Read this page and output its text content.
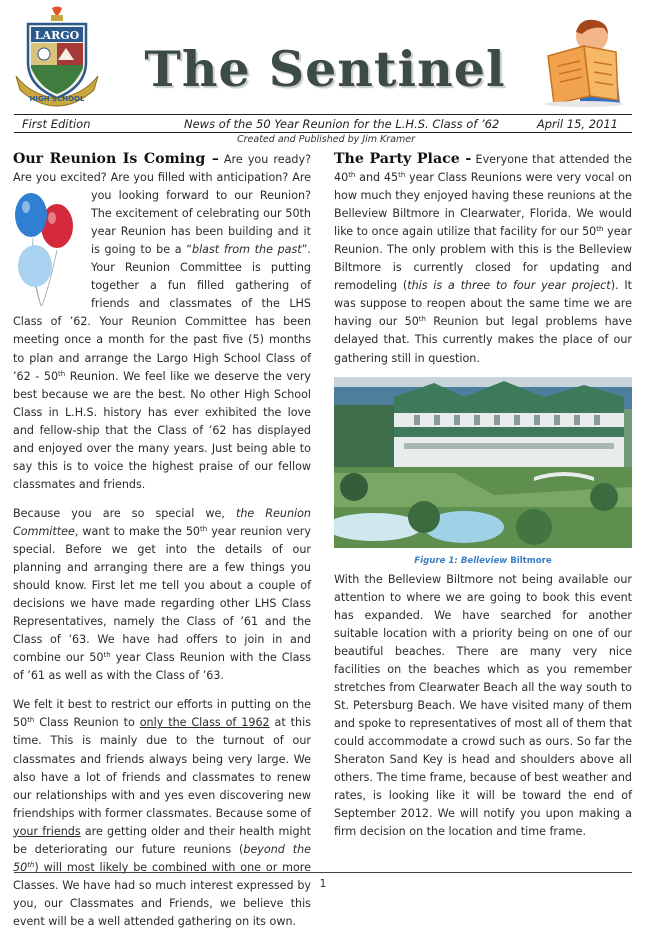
LARGO
HIGH SCHOOL
The Sentinel
First Edition	News of the 50 Year Reunion for the L.H.S. Class of ’62	April 15, 2011
Created and Published by Jim Kramer

Our Reunion Is Coming – Are you ready? Are you excited? Are you filled with anticipation? Are
you looking forward to our Reunion? The excitement of celebrating our 50th year Reunion has been building and it is going to be a “blast from the past”. Your Reunion Committee is putting together a fun filled gathering of friends and classmates of the LHS Class of ’62. Your Reunion Committee has been meeting once a month for the past five (5) months to plan and arrange the Largo High School Class of ’62 - 50th Reunion. We feel like we deserve the very best because we are the best. No other High School Class in L.H.S. history has ever exhibited the love and fellow-ship that the Class of ’62 has displayed and enjoyed over the many years. Just being able to say this is to voice the highest praise of our fellow classmates and friends.

Because you are so special we, the Reunion Committee, want to make the 50th year reunion very special. Before we get into the details of our planning and arranging there are a few things you should know. First let me tell you about a couple of decisions we have made regarding other LHS Class Representatives, namely the Class of ’61 and the Class of ’63. We have had offers to join in and combine our 50th year Class Reunion with the Class of ’61 as well as with the Class of ’63.

We felt it best to restrict our efforts in putting on the 50th Class Reunion to only the Class of 1962 at this time. This is mainly due to the turnout of our classmates and friends always being very large. We also have a lot of friends and classmates to renew our relationships with and yes even discovering new friendships with former classmates. Because some of your friends are getting older and their health might be deteriorating our future reunions (beyond the 50th) will most likely be combined with one or more Classes. We have had so much interest expressed by you, our Classmates and Friends, we believe this event will be a well attended gathering on its own.

The Party Place - Everyone that attended the 40th and 45th year Class Reunions were very vocal on how much they enjoyed having these reunions at the Belleview Biltmore in Clearwater, Florida. We would like to once again utilize that facility for our 50th year Reunion. The only problem with this is the Belleview Biltmore is currently closed for updating and remodeling (this is a three to four year project). It was suppose to reopen about the same time we are having our 50th Reunion but legal problems have delayed that. This currently makes the place of our gathering still in question.

Figure 1: Belleview Biltmore

With the Belleview Biltmore not being available our attention to where we are going to book this event has expanded. We have searched for another suitable location with a priority being on one of our beautiful beaches. There are many very nice facilities on the beaches which as you remember stretches from Clearwater Beach all the way south to St. Petersburg Beach. We have visited many of them and spoke to representatives of most all of them that could accommodate a crowd such as ours. So far the Sheraton Sand Key is head and shoulders above all others. The time frame, because of best weather and rates, is looking like it will be toward the end of September 2012. We will notify you upon making a firm decision on the location and time frame.

1
